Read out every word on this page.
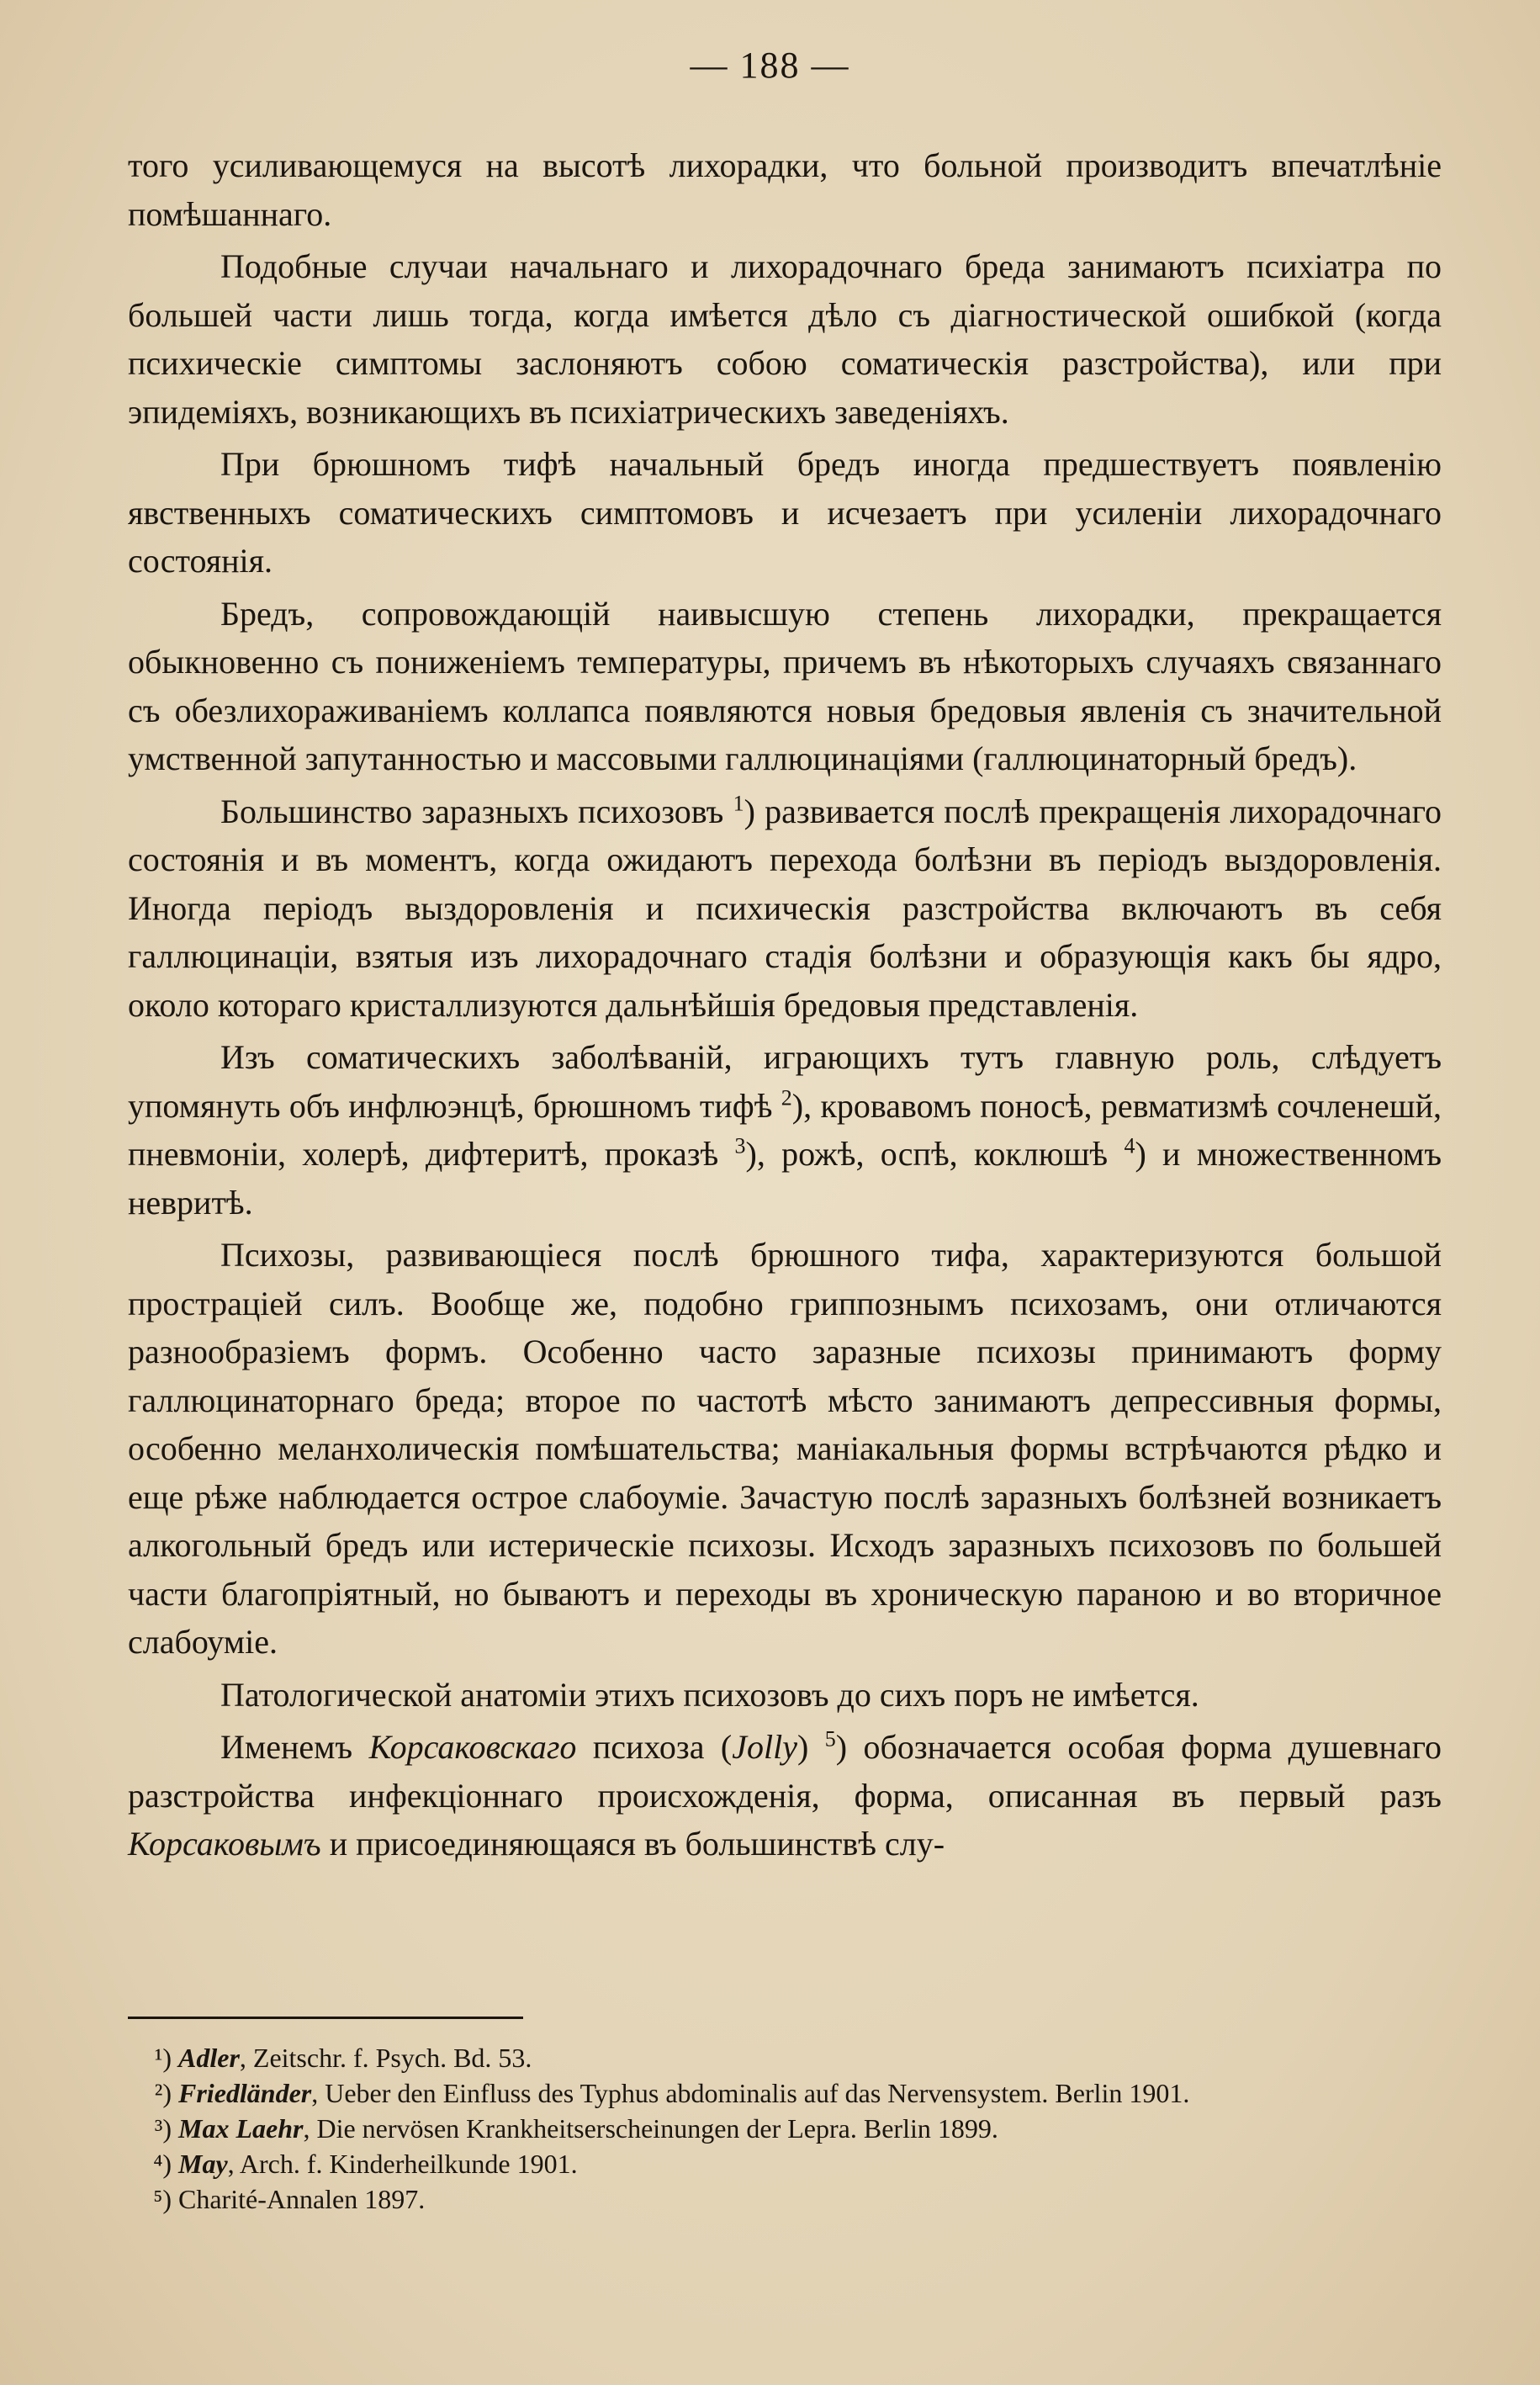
— 188 —

того усиливающемуся на высотѣ лихорадки, что больной производитъ впечатлѣніе помѣшаннаго.

Подобные случаи начальнаго и лихорадочнаго бреда занимаютъ психіатра по большей части лишь тогда, когда имѣется дѣло съ діагностической ошибкой (когда психическіе симптомы заслоняютъ собою соматическія разстройства), или при эпидеміяхъ, возникающихъ въ психіатрическихъ заведеніяхъ.

При брюшномъ тифѣ начальный бредъ иногда предшествуетъ появленію явственныхъ соматическихъ симптомовъ и исчезаетъ при усиленіи лихорадочнаго состоянія.

Бредъ, сопровождающій наивысшую степень лихорадки, прекращается обыкновенно съ пониженіемъ температуры, причемъ въ нѣкоторыхъ случаяхъ связаннаго съ обезлихораживаніемъ коллапса появляются новыя бредовыя явленія съ значительной умственной запутанностью и массовыми галлюцинаціями (галлюцинаторный бредъ).

Большинство заразныхъ психозовъ $^1$) развивается послѣ прекращенія лихорадочнаго состоянія и въ моментъ, когда ожидаютъ перехода болѣзни въ періодъ выздоровленія. Иногда періодъ выздоровленія и психическія разстройства включаютъ въ себя галлюцинаціи, взятыя изъ лихорадочнаго стадія болѣзни и образующія какъ бы ядро, около котораго кристаллизуются дальнѣйшія бредовыя представленія.

Изъ соматическихъ заболѣваній, играющихъ тутъ главную роль, слѣдуетъ упомянуть объ инфлюэнцѣ, брюшномъ тифѣ $^2$), кровавомъ поносѣ, ревматизмѣ сочленешй, пневмоніи, холерѣ, дифтеритѣ, проказѣ $^3$), рожѣ, оспѣ, коклюшѣ $^4$) и множественномъ невритѣ.

Психозы, развивающіеся послѣ брюшного тифа, характеризуются большой прострацiей силъ. Вообще же, подобно гриппознымъ психозамъ, они отличаются разнообразіемъ формъ. Особенно часто заразные психозы принимаютъ форму галлюцинаторнаго бреда; второе по частотѣ мѣсто занимаютъ депрессивныя формы, особенно меланхолическія помѣшательства; маніакальныя формы встрѣчаются рѣдко и еще рѣже наблюдается острое слабоуміе. Зачастую послѣ заразныхъ болѣзней возникаетъ алкогольный бредъ или истерическіе психозы. Исходъ заразныхъ психозовъ по большей части благопріятный, но бываютъ и переходы въ хроническую параною и во вторичное слабоуміе.

Патологической анатоміи этихъ психозовъ до сихъ поръ не имѣется.

Именемъ Корсаковскаго психоза (Jolly) $^5$) обозначается особая форма душевнаго разстройства инфекціоннаго происхожденія, форма, описанная въ первый разъ Корсаковымъ и присоединяющаяся въ большинствѣ слу-

¹) Adler, Zeitschr. f. Psych. Bd. 53.

²) Friedländer, Ueber den Einfluss des Typhus abdominalis auf das Nervensystem. Berlin 1901.

³) Max Laehr, Die nervösen Krankheitserscheinungen der Lepra. Berlin 1899.

⁴) May, Arch. f. Kinderheilkunde 1901.

⁵) Charité-Annalen 1897.
